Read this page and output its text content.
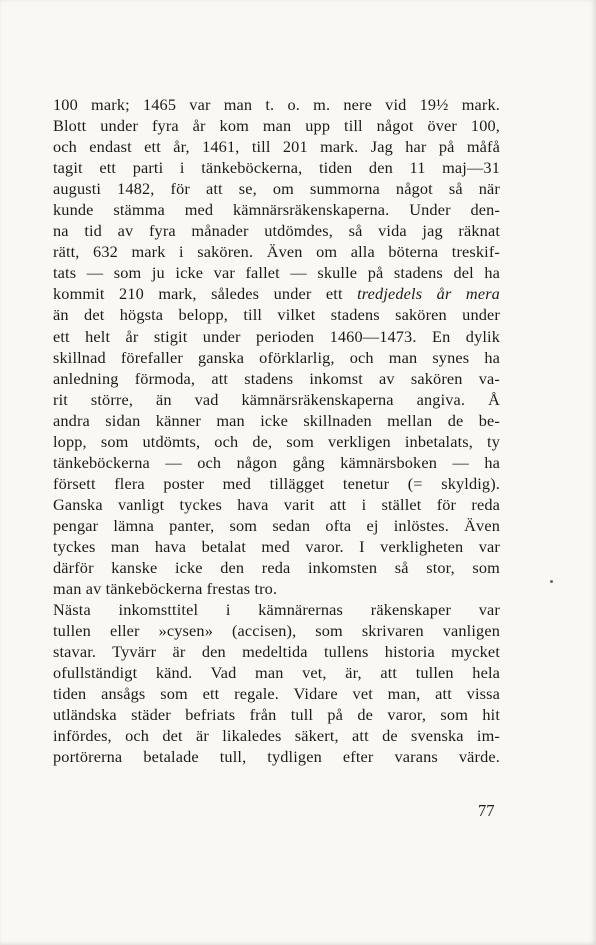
100 mark; 1465 var man t. o. m. nere vid 19½ mark.
Blott under fyra år kom man upp till något över 100,
och endast ett år, 1461, till 201 mark. Jag har på måfå
tagit ett parti i tänkeböckerna, tiden den 11 maj—31
augusti 1482, för att se, om summorna något så när
kunde stämma med kämnärsräkenskaperna. Under den-
na tid av fyra månader utdömdes, så vida jag räknat
rätt, 632 mark i sakören. Även om alla böterna treskif-
tats — som ju icke var fallet — skulle på stadens del ha
kommit 210 mark, således under ett tredjedels år mera
än det högsta belopp, till vilket stadens sakören under
ett helt år stigit under perioden 1460—1473. En dylik
skillnad förefaller ganska oförklarlig, och man synes ha
anledning förmoda, att stadens inkomst av sakören va-
rit större, än vad kämnärsräkenskaperna angiva. Å
andra sidan känner man icke skillnaden mellan de be-
lopp, som utdömts, och de, som verkligen inbetalats, ty
tänkeböckerna — och någon gång kämnärsboken — ha
försett flera poster med tillägget tenetur (= skyldig).
Ganska vanligt tyckes hava varit att i stället för reda
pengar lämna panter, som sedan ofta ej inlöstes. Även
tyckes man hava betalat med varor. I verkligheten var
därför kanske icke den reda inkomsten så stor, som
man av tänkeböckerna frestas tro.

Nästa inkomsttitel i kämnärernas räkenskaper var
tullen eller »cysen» (accisen), som skrivaren vanligen
stavar. Tyvärr är den medeltida tullens historia mycket
ofullständigt känd. Vad man vet, är, att tullen hela
tiden ansågs som ett regale. Vidare vet man, att vissa
utländska städer befriats från tull på de varor, som hit
infördes, och det är likaledes säkert, att de svenska im-
portörerna betalade tull, tydligen efter varans värde.

77
